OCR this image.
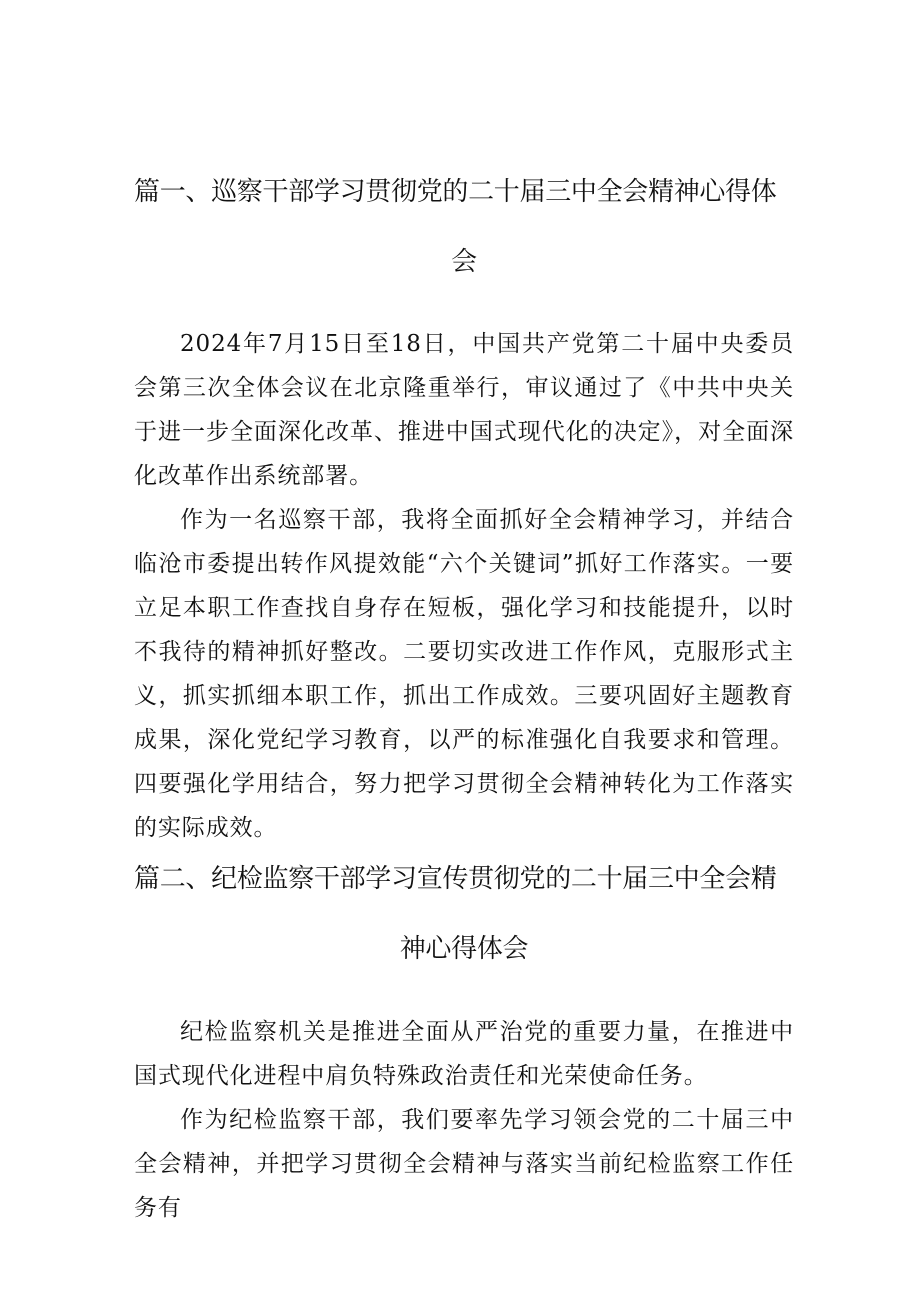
篇一、巡察干部学习贯彻党的二十届三中全会精神心得体
会

2024年7月15日至18日，中国共产党第二十届中央委员会第三次全体会议在北京隆重举行，审议通过了《中共中央关于进一步全面深化改革、推进中国式现代化的决定》，对全面深化改革作出系统部署。

作为一名巡察干部，我将全面抓好全会精神学习，并结合临沧市委提出转作风提效能“六个关键词”抓好工作落实。一要立足本职工作查找自身存在短板，强化学习和技能提升，以时不我待的精神抓好整改。二要切实改进工作作风，克服形式主义，抓实抓细本职工作，抓出工作成效。三要巩固好主题教育成果，深化党纪学习教育，以严的标准强化自我要求和管理。四要强化学用结合，努力把学习贯彻全会精神转化为工作落实的实际成效。

篇二、纪检监察干部学习宣传贯彻党的二十届三中全会精
神心得体会

纪检监察机关是推进全面从严治党的重要力量，在推进中国式现代化进程中肩负特殊政治责任和光荣使命任务。

作为纪检监察干部，我们要率先学习领会党的二十届三中全会精神，并把学习贯彻全会精神与落实当前纪检监察工作任务有
